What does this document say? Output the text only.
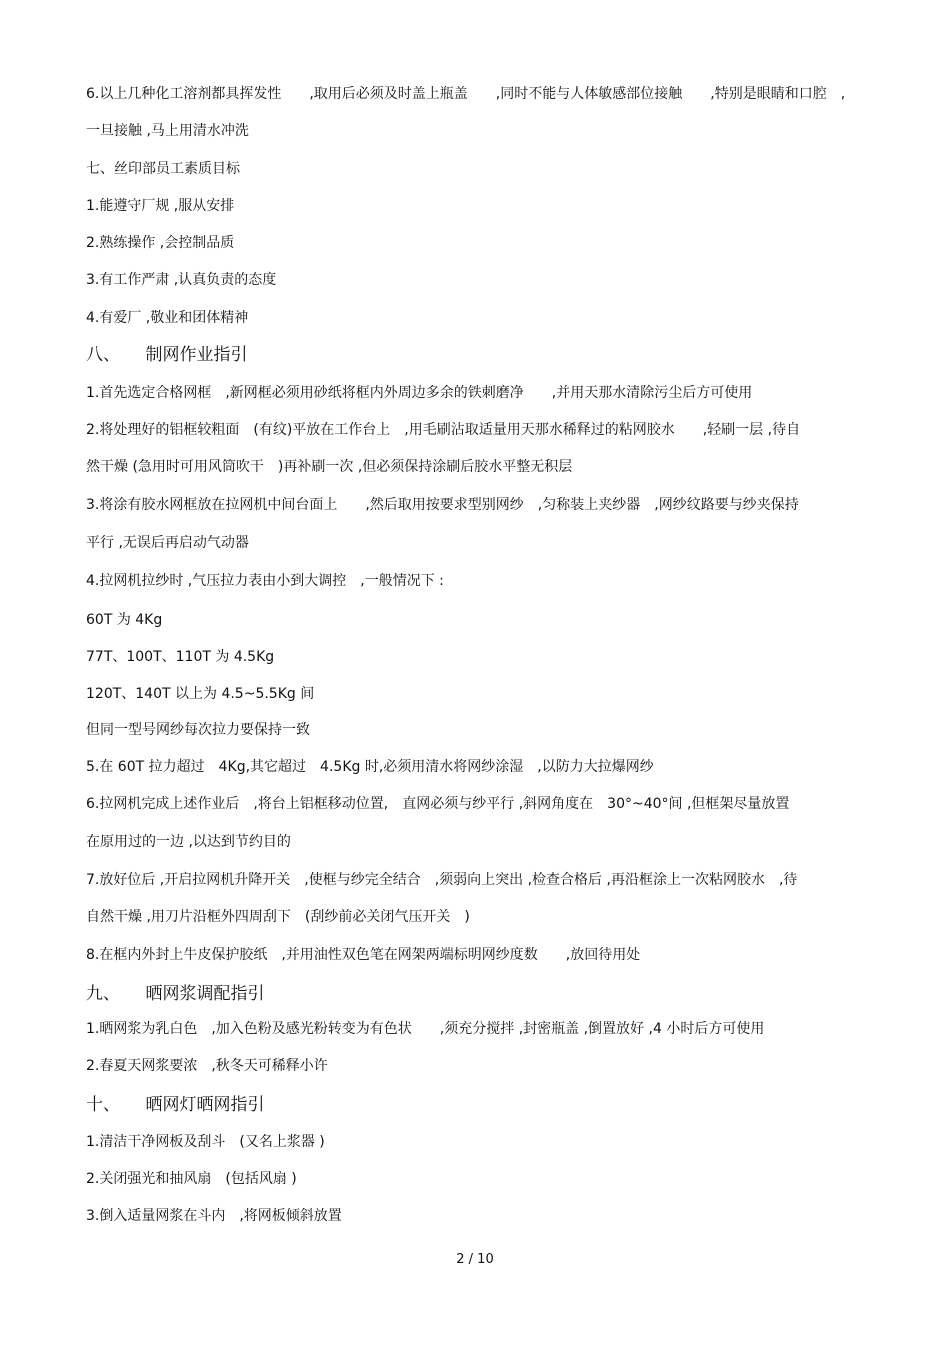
6.以上几种化工溶剂都具挥发性　　,取用后必须及时盖上瓶盖　　,同时不能与人体敏感部位接触　　,特别是眼睛和口腔　,
一旦接触 ,马上用清水冲洗
七、丝印部员工素质目标
1.能遵守厂规 ,服从安排
2.熟练操作 ,会控制品质
3.有工作严肃 ,认真负责的态度
4.有爱厂 ,敬业和团体精神
八、　　制网作业指引
1.首先选定合格网框　,新网框必须用砂纸将框内外周边多余的铁刺磨净　　,并用天那水清除污尘后方可使用
2.将处理好的铝框较粗面　(有纹)平放在工作台上　,用毛刷沾取适量用天那水稀释过的粘网胶水　　,轻刷一层 ,待自
然干燥 (急用时可用风筒吹干　)再补刷一次 ,但必须保持涂刷后胶水平整无积层
3.将涂有胶水网框放在拉网机中间台面上　　,然后取用按要求型别网纱　,匀称装上夹纱器　,网纱纹路要与纱夹保持
平行 ,无误后再启动气动器
4.拉网机拉纱时 ,气压拉力表由小到大调控　,一般情况下 :
60T 为 4Kg
77T、100T、110T 为 4.5Kg
120T、140T 以上为 4.5~5.5Kg 间
但同一型号网纱每次拉力要保持一致
5.在 60T 拉力超过　4Kg,其它超过　4.5Kg 时,必须用清水将网纱涂湿　,以防力大拉爆网纱
6.拉网机完成上述作业后　,将台上铝框移动位置,　直网必须与纱平行 ,斜网角度在　30°~40°间 ,但框架尽量放置
在原用过的一边 ,以达到节约目的
7.放好位后 ,开启拉网机升降开关　,使框与纱完全结合　,须弱向上突出 ,检查合格后 ,再沿框涂上一次粘网胶水　,待
自然干燥 ,用刀片沿框外四周刮下　(刮纱前必关闭气压开关　)
8.在框内外封上牛皮保护胶纸　,并用油性双色笔在网架两端标明网纱度数　　,放回待用处
九、　　晒网浆调配指引
1.晒网浆为乳白色　,加入色粉及感光粉转变为有色状　　,须充分搅拌 ,封密瓶盖 ,倒置放好 ,4 小时后方可使用
2.春夏天网浆要浓　,秋冬天可稀释小许
十、　　晒网灯晒网指引
1.清洁干净网板及刮斗　(又名上浆器 )
2.关闭强光和抽风扇　(包括风扇 )
3.倒入适量网浆在斗内　,将网板倾斜放置
2 / 10
